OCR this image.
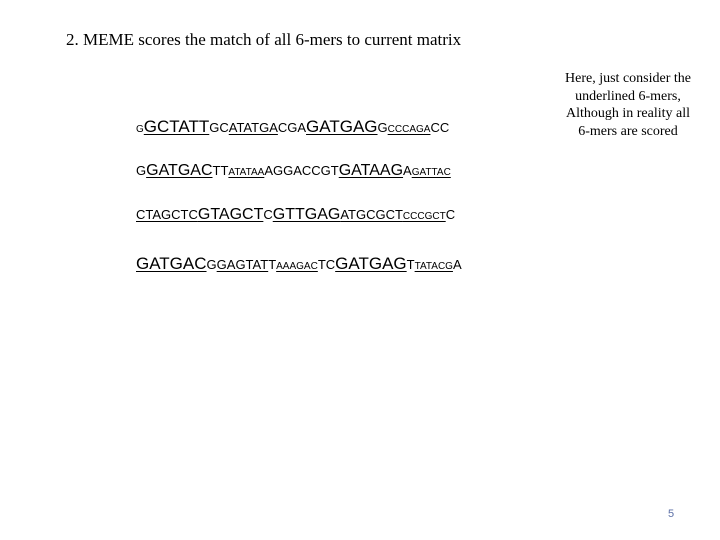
2. MEME scores the match of all 6-mers to current matrix
Here, just consider the
underlined 6-mers,
Although in reality all
6-mers are scored
GGCTATTGCATATGACGAGATGAGGCCCAGACC
GGATGACTTATATAAAGGACCGTGATAAGAGATTAC
CTAGCTCGTAGCTCGTTGAGATGCGCTCCCGCTC
GATGACGGAGTATTAAAGACTCGATGAGTTATACGA
5
